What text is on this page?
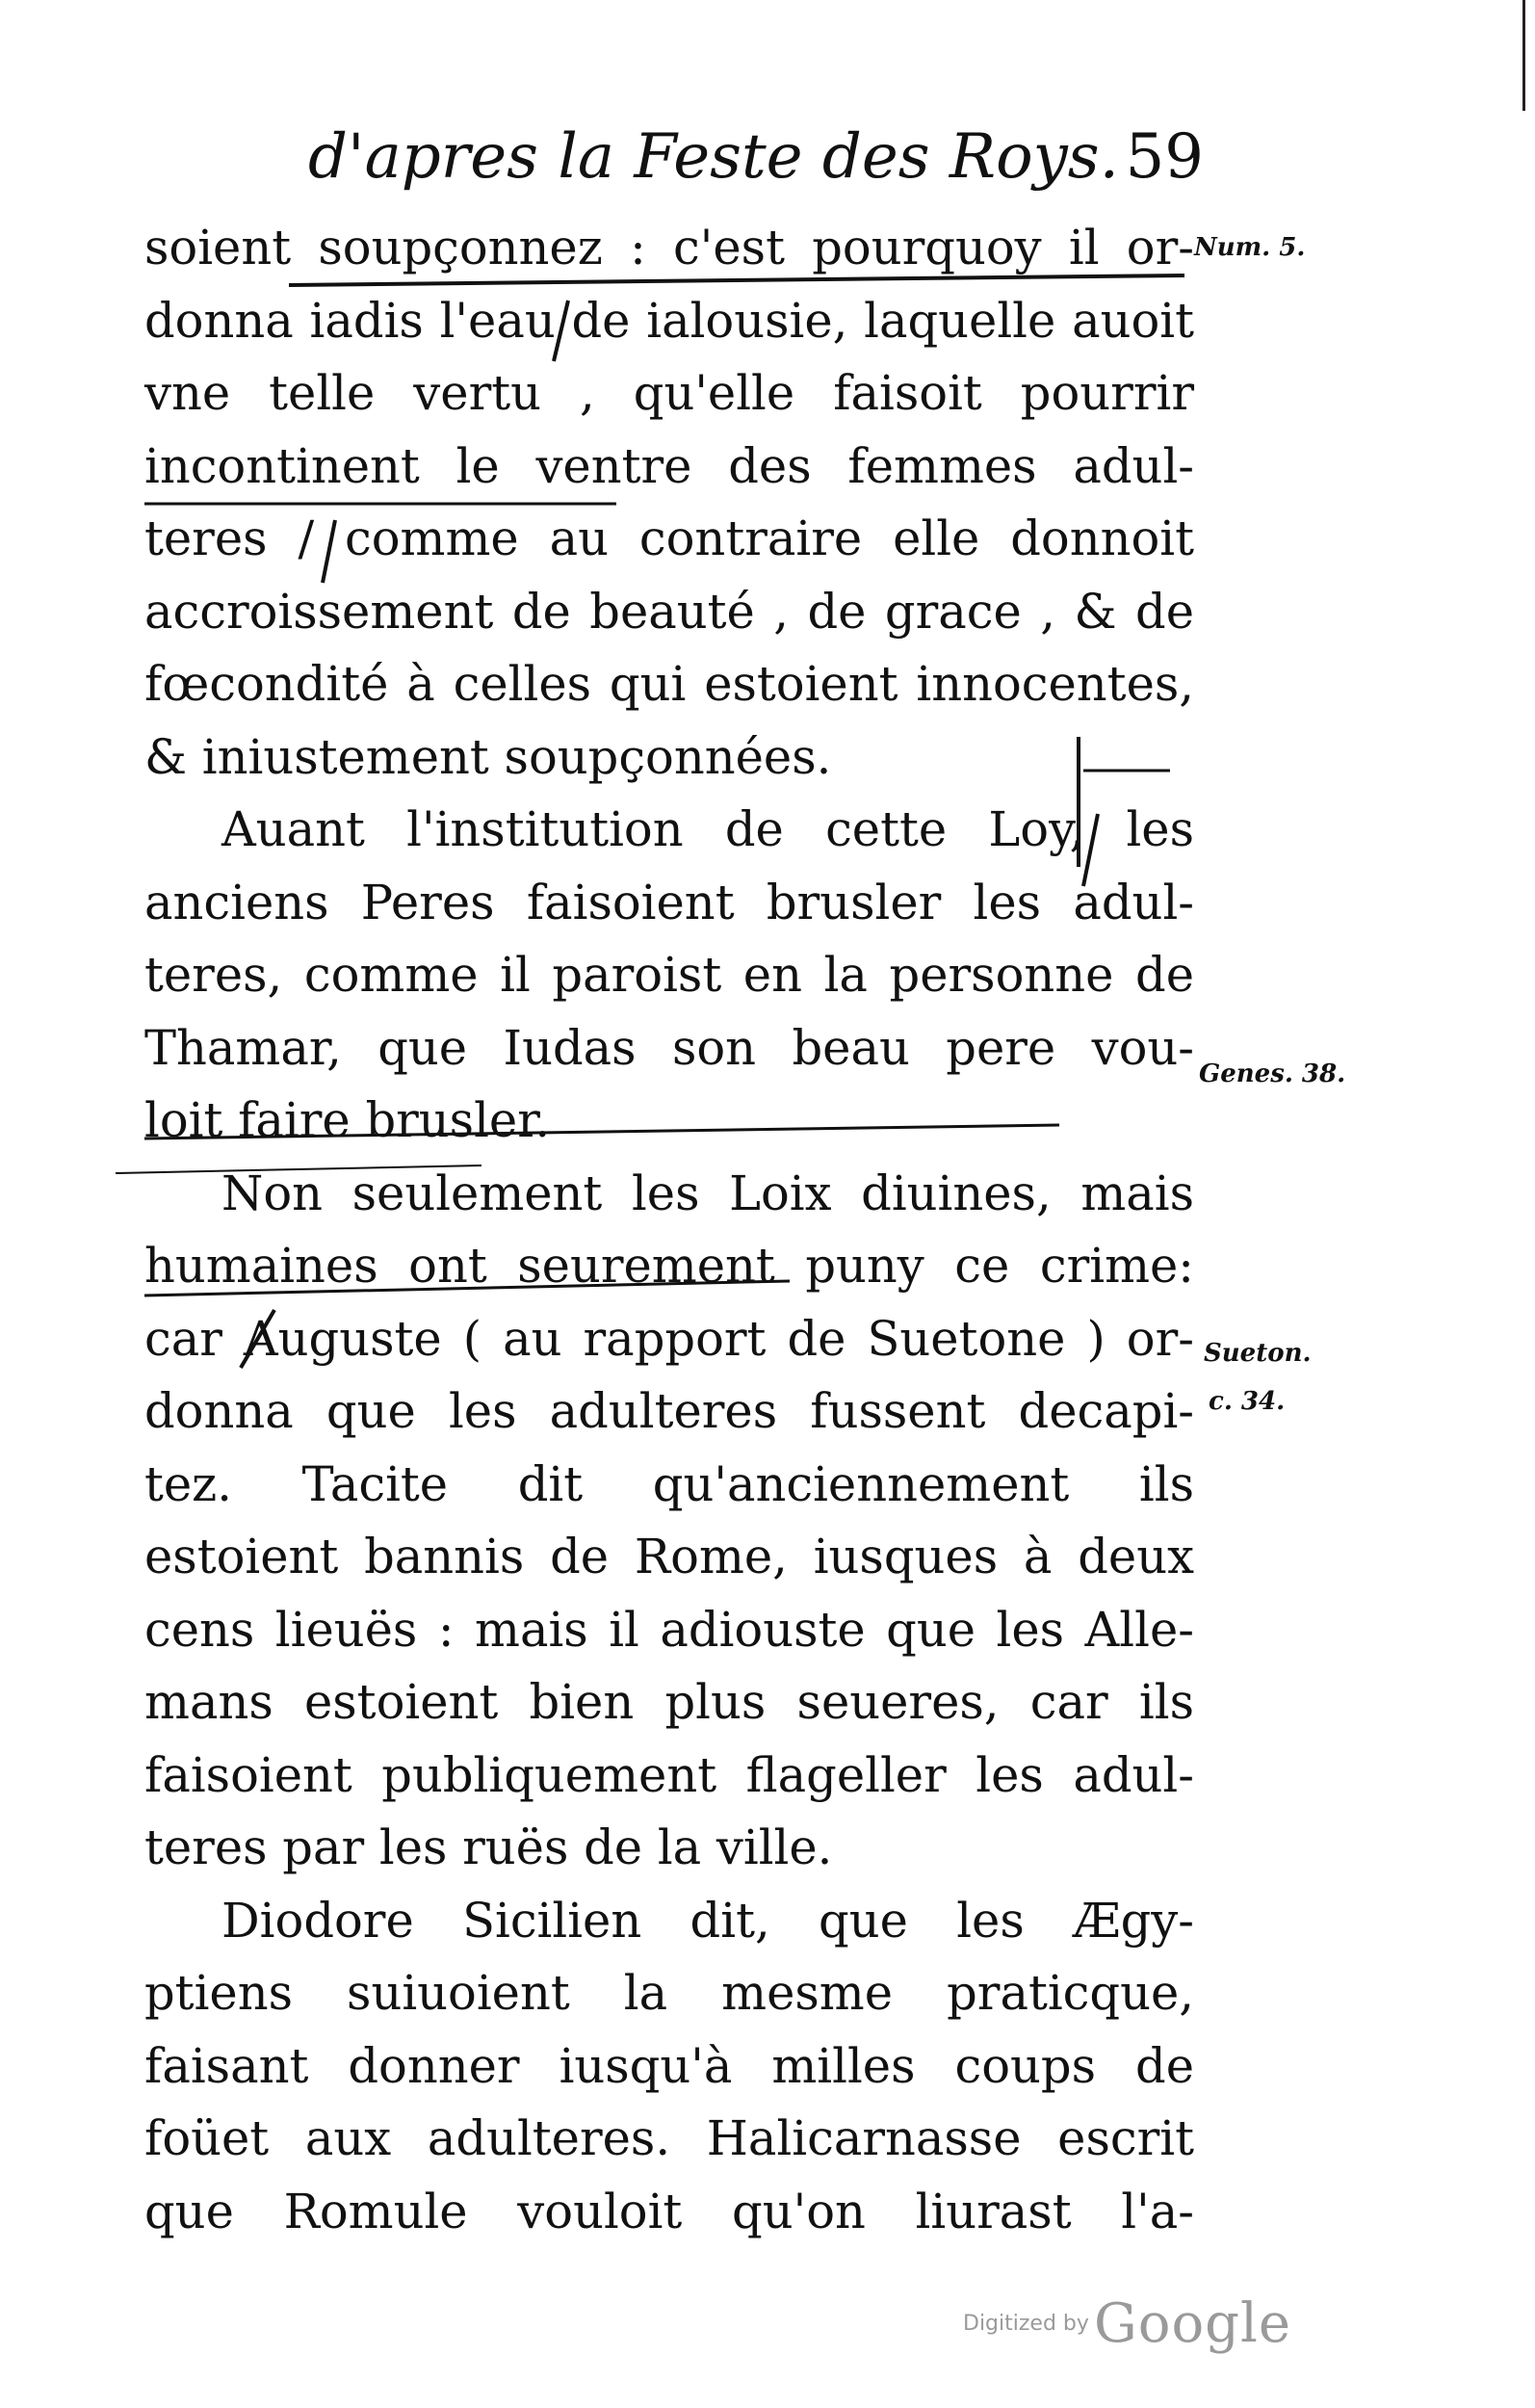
d'apres la Feste des Roys. 59
soient soupçonnez : c'est pourquoy il or-
donna iadis l'eau de ialousie, laquelle auoit
vne telle vertu , qu'elle faisoit pourrir
incontinent le ventre des femmes adul-
teres / comme au contraire elle donnoit
accroissement de beauté , de grace , & de
fœcondité à celles qui estoient innocentes,
& iniustement soupçonnées.
Auant l'institution de cette Loy, les
anciens Peres faisoient brusler les adul-
teres, comme il paroist en la personne de
Thamar, que Iudas son beau pere vou-
loit faire brusler.
Non seulement les Loix diuines, mais
humaines ont seurement puny ce crime:
car Auguste ( au rapport de Suetone ) or-
donna que les adulteres fussent decapi-
tez. Tacite dit qu'anciennement ils
estoient bannis de Rome, iusques à deux
cens lieuës : mais il adiouste que les Alle-
mans estoient bien plus seueres, car ils
faisoient publiquement flageller les adul-
teres par les ruës de la ville.
Diodore Sicilien dit, que les Ægy-
ptiens suiuoient la mesme praticque,
faisant donner iusqu'à milles coups de
foüet aux adulteres. Halicarnasse escrit
que Romule vouloit qu'on liurast l'a-
Num. 5.
Genes. 38.
Sueton.
c. 34.
Digitized by Google
